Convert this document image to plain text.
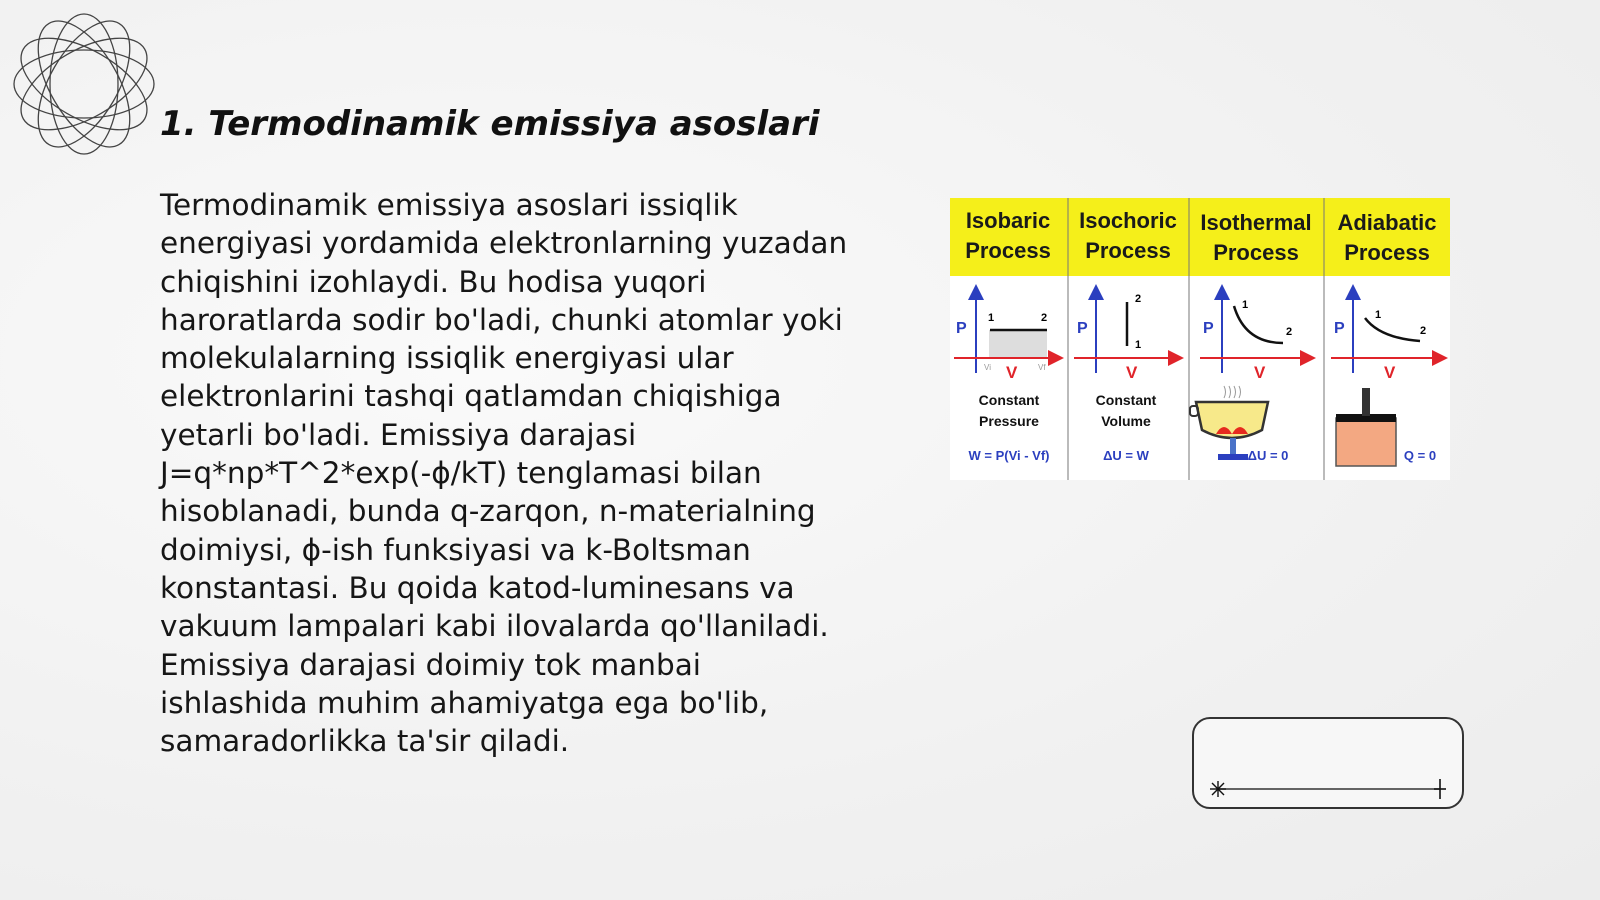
1. Termodinamik emissiya asoslari

Termodinamik emissiya asoslari issiqlik energiyasi yordamida elektronlarning yuzadan chiqishini izohlaydi. Bu hodisa yuqori haroratlarda sodir bo'ladi, chunki atomlar yoki molekulalarning issiqlik energiyasi ular elektronlarini tashqi qatlamdan chiqishiga yetarli bo'ladi. Emissiya darajasi J=q*np*T^2*exp(-ϕ/kT) tenglamasi bilan hisoblanadi, bunda q-zarqon, n-materialning doimiysi, ϕ-ish funksiyasi va k-Boltsman konstantasi. Bu qoida katod-luminesans va vakuum lampalari kabi ilovalarda qo'llaniladi. Emissiya darajasi doimiy tok manbai ishlashida muhim ahamiyatga ega bo'lib, samaradorlikka ta'sir qiladi.

Isobaric
Process
Isochoric
Process
Isothermal
Process
Adiabatic
Process
P
V
1	2
Vi	Vf
Constant
Pressure
W = P(Vi - Vf)
P
V
2
1
Constant
Volume
ΔU = W
P
V
1
2
ΔU = 0
P
V
1
2
Q = 0
